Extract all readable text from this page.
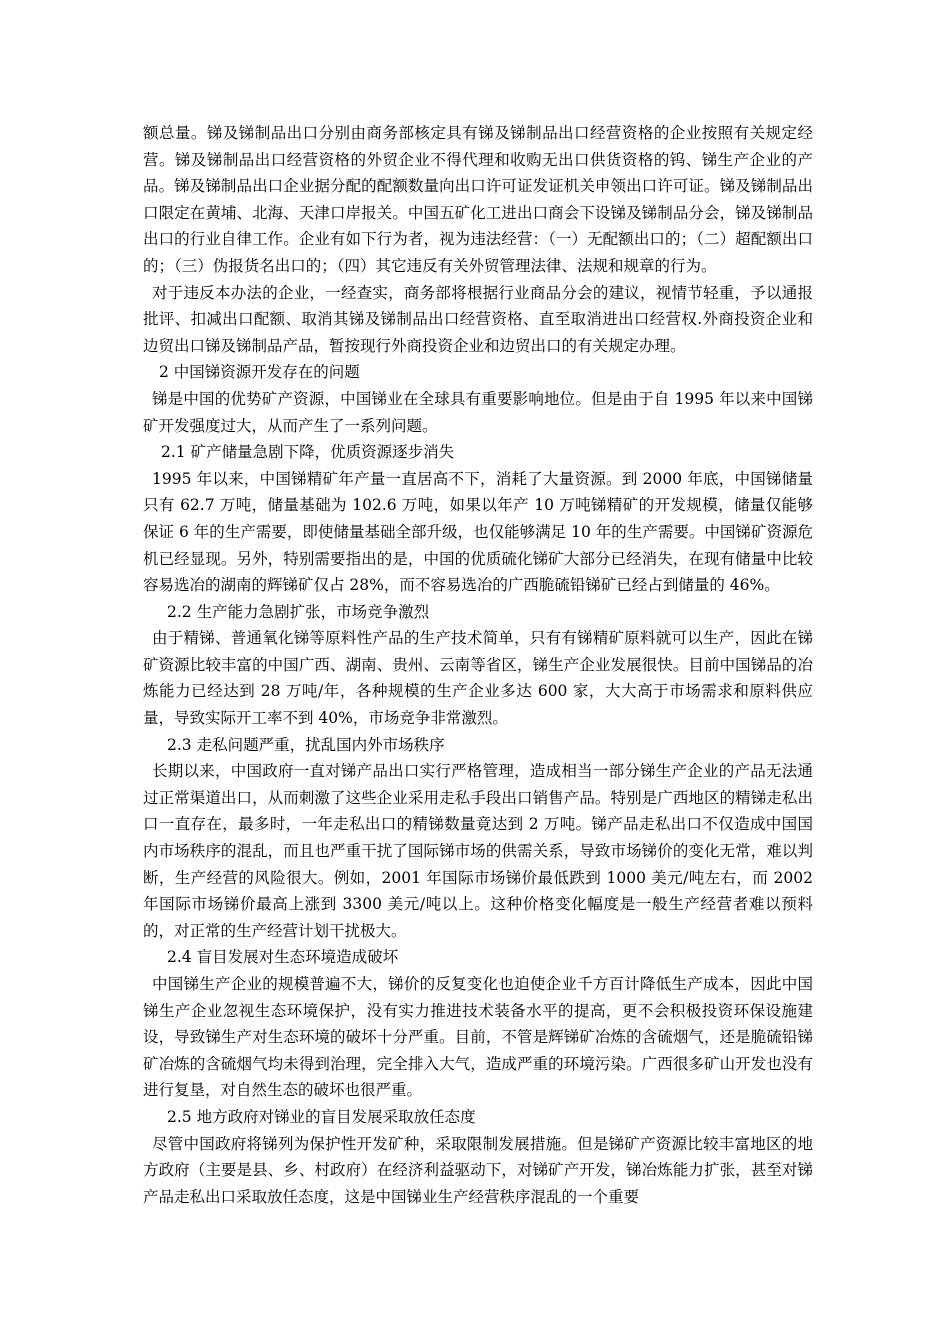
额总量。锑及锑制品出口分别由商务部核定具有锑及锑制品出口经营资格的企业按照有关规定经营。锑及锑制品出口经营资格的外贸企业不得代理和收购无出口供货资格的钨、锑生产企业的产品。锑及锑制品出口企业据分配的配额数量向出口许可证发证机关申领出口许可证。锑及锑制品出口限定在黄埔、北海、天津口岸报关。中国五矿化工进出口商会下设锑及锑制品分会，锑及锑制品出口的行业自律工作。企业有如下行为者，视为违法经营：（一）无配额出口的；（二）超配额出口的；（三）伪报货名出口的；（四）其它违反有关外贸管理法律、法规和规章的行为。

对于违反本办法的企业，一经查实，商务部将根据行业商品分会的建议，视情节轻重，予以通报批评、扣减出口配额、取消其锑及锑制品出口经营资格、直至取消进出口经营权.外商投资企业和边贸出口锑及锑制品产品，暂按现行外商投资企业和边贸出口的有关规定办理。

2 中国锑资源开发存在的问题

锑是中国的优势矿产资源，中国锑业在全球具有重要影响地位。但是由于自 1995 年以来中国锑矿开发强度过大，从而产生了一系列问题。

2.1 矿产储量急剧下降，优质资源逐步消失

1995 年以来，中国锑精矿年产量一直居高不下，消耗了大量资源。到 2000 年底，中国锑储量只有 62.7 万吨，储量基础为 102.6 万吨，如果以年产 10 万吨锑精矿的开发规模，储量仅能够保证 6 年的生产需要，即使储量基础全部升级，也仅能够满足 10 年的生产需要。中国锑矿资源危机已经显现。另外，特别需要指出的是，中国的优质硫化锑矿大部分已经消失，在现有储量中比较容易选冶的湖南的辉锑矿仅占 28%，而不容易选冶的广西脆硫铅锑矿已经占到储量的 46%。

2.2 生产能力急剧扩张，市场竞争激烈

由于精锑、普通氧化锑等原料性产品的生产技术简单，只有有锑精矿原料就可以生产，因此在锑矿资源比较丰富的中国广西、湖南、贵州、云南等省区，锑生产企业发展很快。目前中国锑品的冶炼能力已经达到 28 万吨/年，各种规模的生产企业多达 600 家，大大高于市场需求和原料供应量，导致实际开工率不到 40%，市场竞争非常激烈。

2.3 走私问题严重，扰乱国内外市场秩序

长期以来，中国政府一直对锑产品出口实行严格管理，造成相当一部分锑生产企业的产品无法通过正常渠道出口，从而刺激了这些企业采用走私手段出口销售产品。特别是广西地区的精锑走私出口一直存在，最多时，一年走私出口的精锑数量竟达到 2 万吨。锑产品走私出口不仅造成中国国内市场秩序的混乱，而且也严重干扰了国际锑市场的供需关系，导致市场锑价的变化无常，难以判断，生产经营的风险很大。例如，2001 年国际市场锑价最低跌到 1000 美元/吨左右，而 2002 年国际市场锑价最高上涨到 3300 美元/吨以上。这种价格变化幅度是一般生产经营者难以预料的，对正常的生产经营计划干扰极大。

2.4 盲目发展对生态环境造成破坏

中国锑生产企业的规模普遍不大，锑价的反复变化也迫使企业千方百计降低生产成本，因此中国锑生产企业忽视生态环境保护，没有实力推进技术装备水平的提高，更不会积极投资环保设施建设，导致锑生产对生态环境的破坏十分严重。目前，不管是辉锑矿冶炼的含硫烟气，还是脆硫铅锑矿冶炼的含硫烟气均未得到治理，完全排入大气，造成严重的环境污染。广西很多矿山开发也没有进行复垦，对自然生态的破坏也很严重。

2.5 地方政府对锑业的盲目发展采取放任态度

尽管中国政府将锑列为保护性开发矿种，采取限制发展措施。但是锑矿产资源比较丰富地区的地方政府（主要是县、乡、村政府）在经济利益驱动下，对锑矿产开发，锑冶炼能力扩张，甚至对锑产品走私出口采取放任态度，这是中国锑业生产经营秩序混乱的一个重要
